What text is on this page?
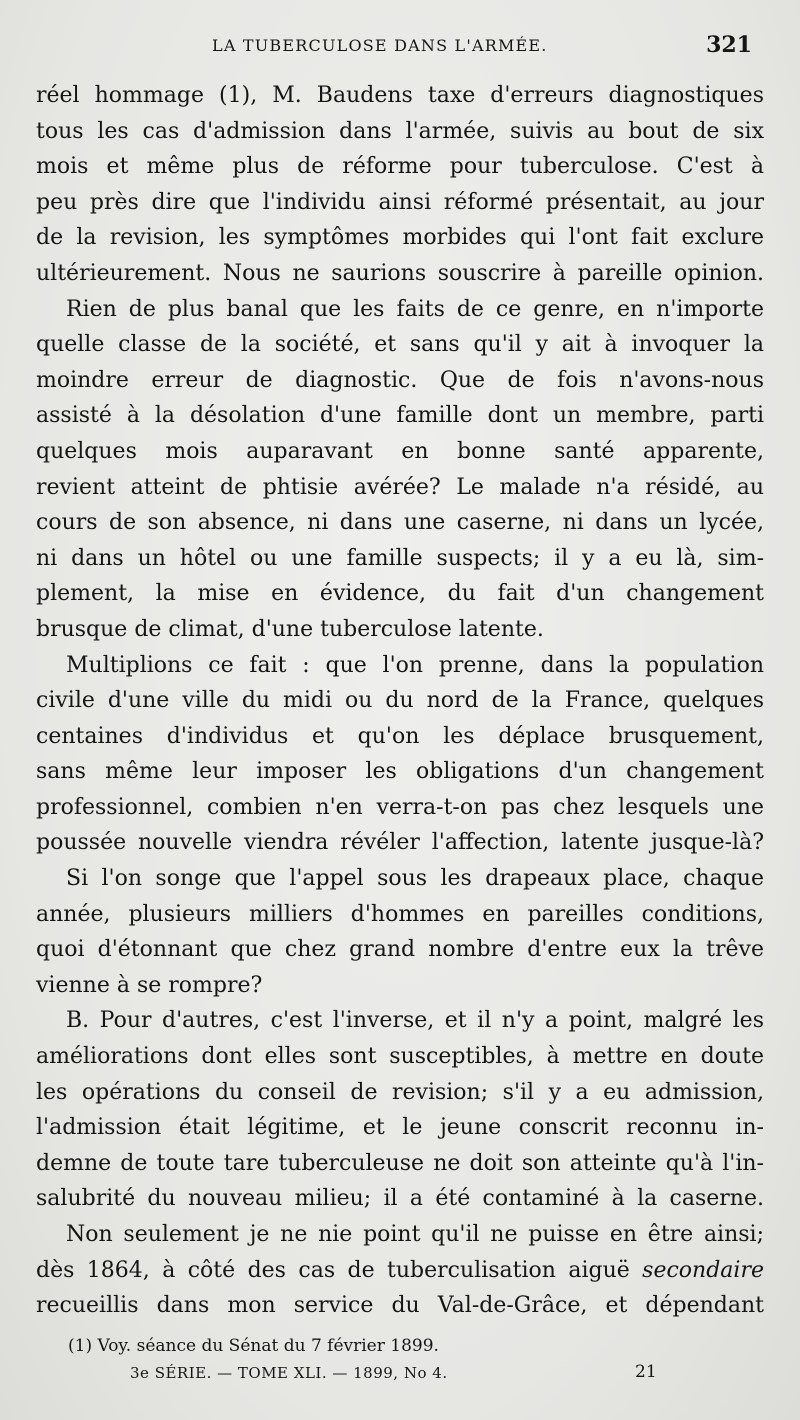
LA TUBERCULOSE DANS L'ARMÉE.	321
réel hommage (1), M. Baudens taxe d'erreurs diagnostiques
tous les cas d'admission dans l'armée, suivis au bout de six
mois et même plus de réforme pour tuberculose. C'est à
peu près dire que l'individu ainsi réformé présentait, au jour
de la revision, les symptômes morbides qui l'ont fait exclure
ultérieurement. Nous ne saurions souscrire à pareille opinion.
Rien de plus banal que les faits de ce genre, en n'importe
quelle classe de la société, et sans qu'il y ait à invoquer la
moindre erreur de diagnostic. Que de fois n'avons-nous
assisté à la désolation d'une famille dont un membre, parti
quelques mois auparavant en bonne santé apparente,
revient atteint de phtisie avérée? Le malade n'a résidé, au
cours de son absence, ni dans une caserne, ni dans un lycée,
ni dans un hôtel ou une famille suspects; il y a eu là, sim-
plement, la mise en évidence, du fait d'un changement
brusque de climat, d'une tuberculose latente.
Multiplions ce fait : que l'on prenne, dans la population
civile d'une ville du midi ou du nord de la France, quelques
centaines d'individus et qu'on les déplace brusquement,
sans même leur imposer les obligations d'un changement
professionnel, combien n'en verra-t-on pas chez lesquels une
poussée nouvelle viendra révéler l'affection, latente jusque-là?
Si l'on songe que l'appel sous les drapeaux place, chaque
année, plusieurs milliers d'hommes en pareilles conditions,
quoi d'étonnant que chez grand nombre d'entre eux la trêve
vienne à se rompre?
B. Pour d'autres, c'est l'inverse, et il n'y a point, malgré les
améliorations dont elles sont susceptibles, à mettre en doute
les opérations du conseil de revision; s'il y a eu admission,
l'admission était légitime, et le jeune conscrit reconnu in-
demne de toute tare tuberculeuse ne doit son atteinte qu'à l'in-
salubrité du nouveau milieu; il a été contaminé à la caserne.
Non seulement je ne nie point qu'il ne puisse en être ainsi;
dès 1864, à côté des cas de tuberculisation aiguë secondaire
recueillis dans mon service du Val-de-Grâce, et dépendant
(1) Voy. séance du Sénat du 7 février 1899.
3e SÉRIE. — TOME XLI. — 1899, No 4.	21
